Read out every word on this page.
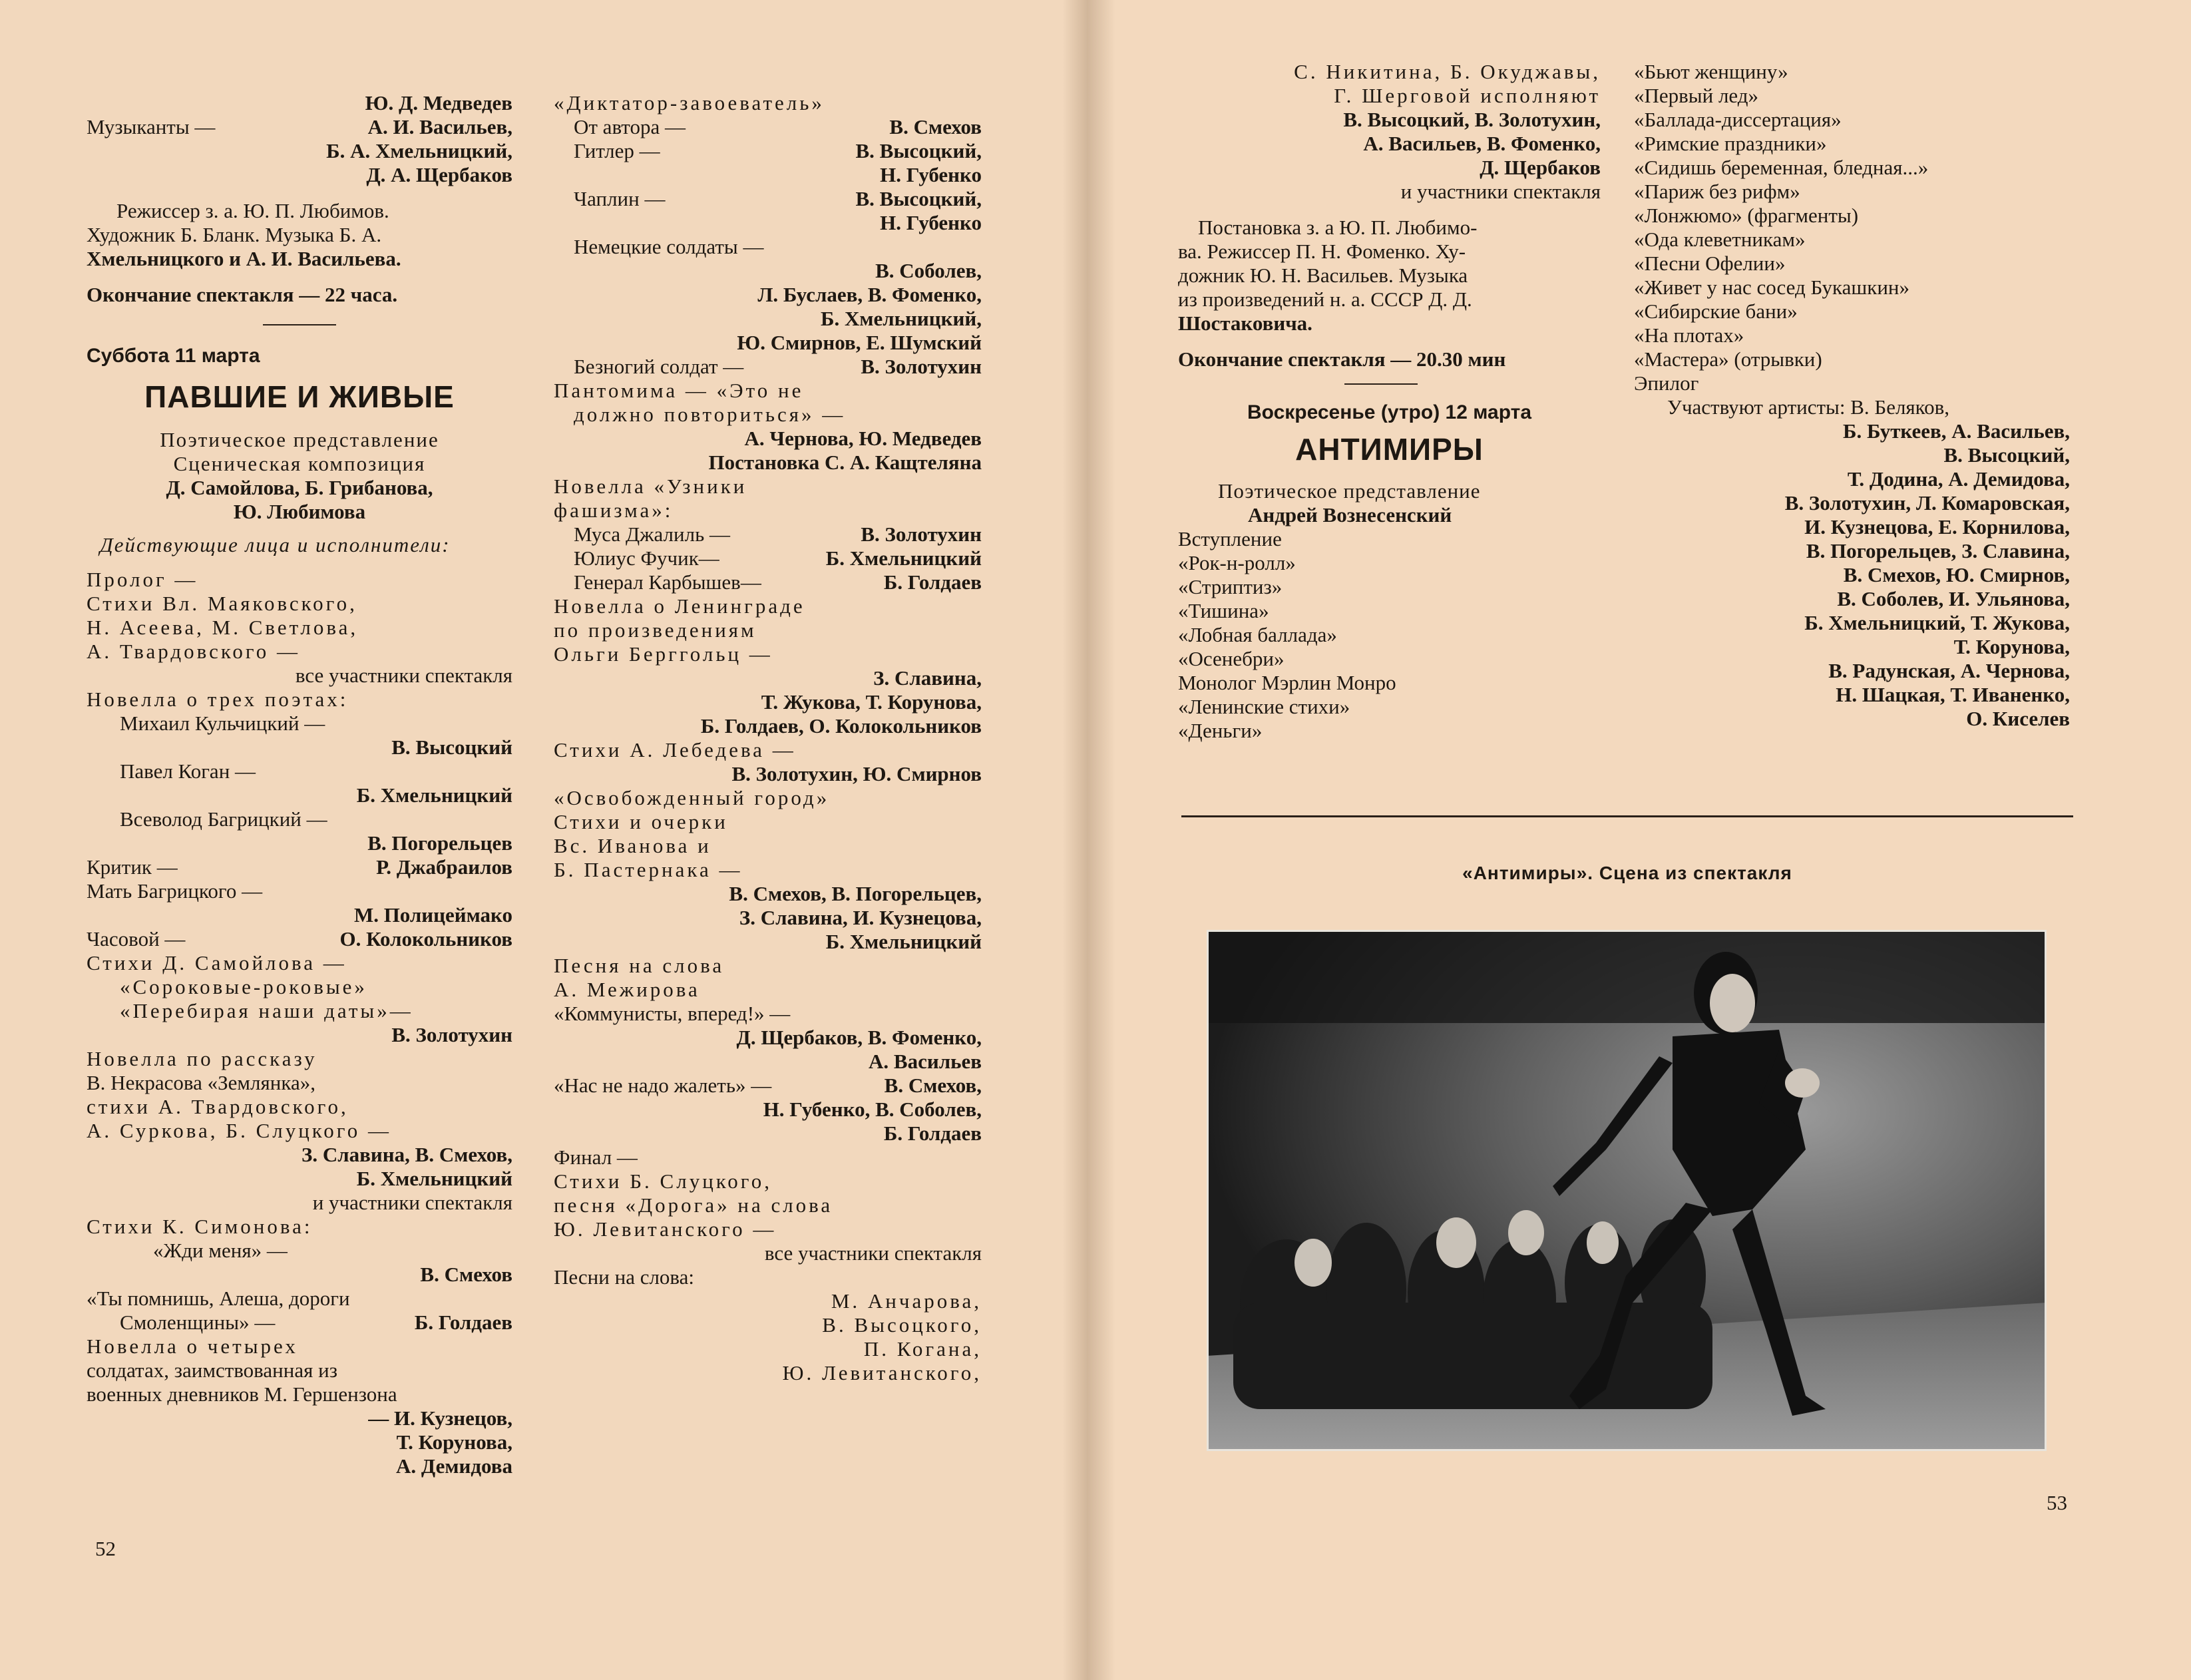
Ю. Д. Медведев
Музыканты —	А. И. Васильев,
Б. А. Хмельницкий,
Д. А. Щербаков
Режиссер з. а. Ю. П. Любимов.
Художник Б. Бланк. Музыка Б. А.
Хмельницкого и А. И. Васильева.
Окончание спектакля — 22 часа.
Суббота 11 марта
ПАВШИЕ И ЖИВЫЕ
Поэтическое представление
Сценическая композиция
Д. Самойлова, Б. Грибанова,
Ю. Любимова
Действующие лица и исполнители:
Пролог —
Стихи Вл. Маяковского,
Н. Асеева, М. Светлова,
А. Твардовского —
все участники спектакля
Новелла о трех поэтах:
Михаил Кульчицкий —
В. Высоцкий
Павел Коган —
Б. Хмельницкий
Всеволод Багрицкий —
В. Погорельцев
Критик —	Р. Джабраилов
Мать Багрицкого —
М. Полицеймако
Часовой —	О. Колокольников
Стихи Д. Самойлова —
«Сороковые-роковые»
«Перебирая наши даты»—
В. Золотухин
Новелла по рассказу
В. Некрасова «Землянка»,
стихи А. Твардовского,
А. Суркова, Б. Слуцкого —
З. Славина, В. Смехов,
Б. Хмельницкий
и участники спектакля
Стихи К. Симонова:
«Жди меня» —
В. Смехов
«Ты помнишь, Алеша, дороги
Смоленщины» —	Б. Голдаев
Новелла о четырех
солдатах, заимствованная из
военных дневников М. Гершензона
— И. Кузнецов,
Т. Корунова,
А. Демидова
«Диктатор-завоеватель»
От автора —	В. Смехов
Гитлер —	В. Высоцкий,
Н. Губенко
Чаплин —	В. Высоцкий,
Н. Губенко
Немецкие солдаты —
В. Соболев,
Л. Буслаев, В. Фоменко,
Б. Хмельницкий,
Ю. Смирнов, Е. Шумский
Безногий солдат —	В. Золотухин
Пантомима — «Это не
должно повториться» —
А. Чернова, Ю. Медведев
Постановка С. А. Кащтеляна
Новелла «Узники
фашизма»:
Муса Джалиль —	В. Золотухин
Юлиус Фучик—	Б. Хмельницкий
Генерал Карбышев—	Б. Голдаев
Новелла о Ленинграде
по произведениям
Ольги Берггольц —
З. Славина,
Т. Жукова, Т. Корунова,
Б. Голдаев, О. Колокольников
Стихи А. Лебедева —
В. Золотухин, Ю. Смирнов
«Освобожденный город»
Стихи и очерки
Вс. Иванова и
Б. Пастернака —
В. Смехов, В. Погорельцев,
З. Славина, И. Кузнецова,
Б. Хмельницкий
Песня на слова
А. Межирова
«Коммунисты, вперед!» —
Д. Щербаков, В. Фоменко,
А. Васильев
«Нас не надо жалеть» —	В. Смехов,
Н. Губенко, В. Соболев,
Б. Голдаев
Финал —
Стихи Б. Слуцкого,
песня «Дорога» на слова
Ю. Левитанского —
все участники спектакля
Песни на слова:
М. Анчарова,
В. Высоцкого,
П. Когана,
Ю. Левитанского,
52
С. Никитина, Б. Окуджавы,
Г. Шерговой исполняют
В. Высоцкий, В. Золотухин,
А. Васильев, В. Фоменко,
Д. Щербаков
и участники спектакля
Постановка з. а Ю. П. Любимо-
ва. Режиссер П. Н. Фоменко. Ху-
дожник Ю. Н. Васильев. Музыка
из произведений н. а. СССР Д. Д.
Шостаковича.
Окончание спектакля — 20.30 мин
Воскресенье (утро) 12 марта
АНТИМИРЫ
Поэтическое представление
Андрей Вознесенский
Вступление
«Рок-н-ролл»
«Стриптиз»
«Тишина»
«Лобная баллада»
«Осенебри»
Монолог Мэрлин Монро
«Ленинские стихи»
«Деньги»
«Бьют женщину»
«Первый лед»
«Баллада-диссертация»
«Римские праздники»
«Сидишь беременная, бледная...»
«Париж без рифм»
«Лонжюмо» (фрагменты)
«Ода клеветникам»
«Песни Офелии»
«Живет у нас сосед Букашкин»
«Сибирские бани»
«На плотах»
«Мастера» (отрывки)
Эпилог
Участвуют артисты: В. Беляков,
Б. Буткеев, А. Васильев,
В. Высоцкий,
Т. Додина, А. Демидова,
В. Золотухин, Л. Комаровская,
И. Кузнецова, Е. Корнилова,
В. Погорельцев, З. Славина,
В. Смехов, Ю. Смирнов,
В. Соболев, И. Ульянова,
Б. Хмельницкий, Т. Жукова,
Т. Корунова,
В. Радунская, А. Чернова,
Н. Шацкая, Т. Иваненко,
О. Киселев
«Антимиры». Сцена из спектакля
53
